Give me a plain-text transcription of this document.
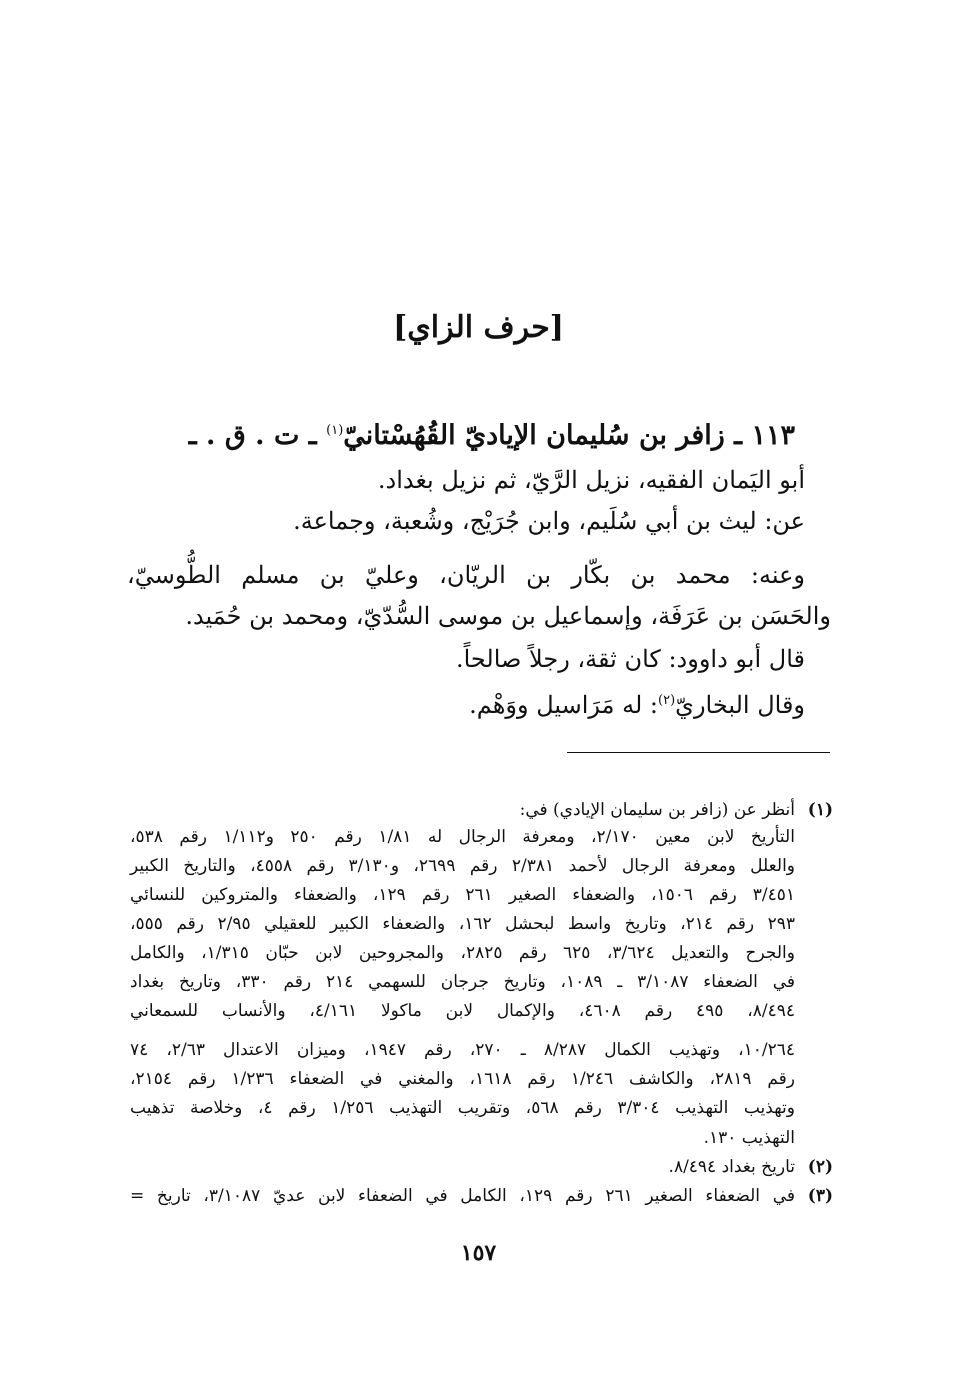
[حرف الزاي]

١١٣ ـ زافر بن سُليمان الإياديّ القُهُسْتانيّ$^{(١)}$ ـ ت . ق . ـ

أبو اليَمان الفقيه، نزيل الرَّيّ، ثم نزيل بغداد.

عن: ليث بن أبي سُلَيم، وابن جُرَيْج، وشُعبة، وجماعة.

وعنه: محمد بن بكّار بن الريّان، وعليّ بن مسلم الطُّوسيّ،

والحَسَن بن عَرَفَة، وإسماعيل بن موسى السُّدّيّ، ومحمد بن حُمَيد.

قال أبو داوود: كان ثقة، رجلاً صالحاً.

وقال البخاريّ$^{(٢)}$: له مَرَاسيل ووَهْم.

(١)

أنظر عن (زافر بن سليمان الإيادي) في:

التأريخ لابن معين ٢/١٧٠، ومعرفة الرجال له ١/٨١ رقم ٢٥٠ و١/١١٢ رقم ٥٣٨،

والعلل ومعرفة الرجال لأحمد ٢/٣٨١ رقم ٢٦٩٩، و٣/١٣٠ رقم ٤٥٥٨، والتاريخ الكبير

٣/٤٥١ رقم ١٥٠٦، والضعفاء الصغير ٢٦١ رقم ١٢٩، والضعفاء والمتروكين للنسائي

٢٩٣ رقم ٢١٤، وتاريخ واسط لبحشل ١٦٢، والضعفاء الكبير للعقيلي ٢/٩٥ رقم ٥٥٥،

والجرح والتعديل ٣/٦٢٤، ٦٢٥ رقم ٢٨٢٥، والمجروحين لابن حبّان ١/٣١٥، والكامل

في الضعفاء ٣/١٠٨٧ ـ ١٠٨٩، وتاريخ جرجان للسهمي ٢١٤ رقم ٣٣٠، وتاريخ بغداد

٨/٤٩٤، ٤٩٥ رقم ٤٦٠٨، والإكمال لابن ماكولا ٤/١٦١، والأنساب للسمعاني

١٠/٢٦٤، وتهذيب الكمال ٨/٢٨٧ ـ ٢٧٠، رقم ١٩٤٧، وميزان الاعتدال ٢/٦٣، ٧٤

رقم ٢٨١٩، والكاشف ١/٢٤٦ رقم ١٦١٨، والمغني في الضعفاء ١/٢٣٦ رقم ٢١٥٤،

وتهذيب التهذيب ٣/٣٠٤ رقم ٥٦٨، وتقريب التهذيب ١/٢٥٦ رقم ٤، وخلاصة تذهيب

التهذيب ١٣٠.

(٢)

تاريخ بغداد ٨/٤٩٤.

(٣)

في الضعفاء الصغير ٢٦١ رقم ١٢٩، الكامل في الضعفاء لابن عديّ ٣/١٠٨٧، تاريخ =

١٥٧
